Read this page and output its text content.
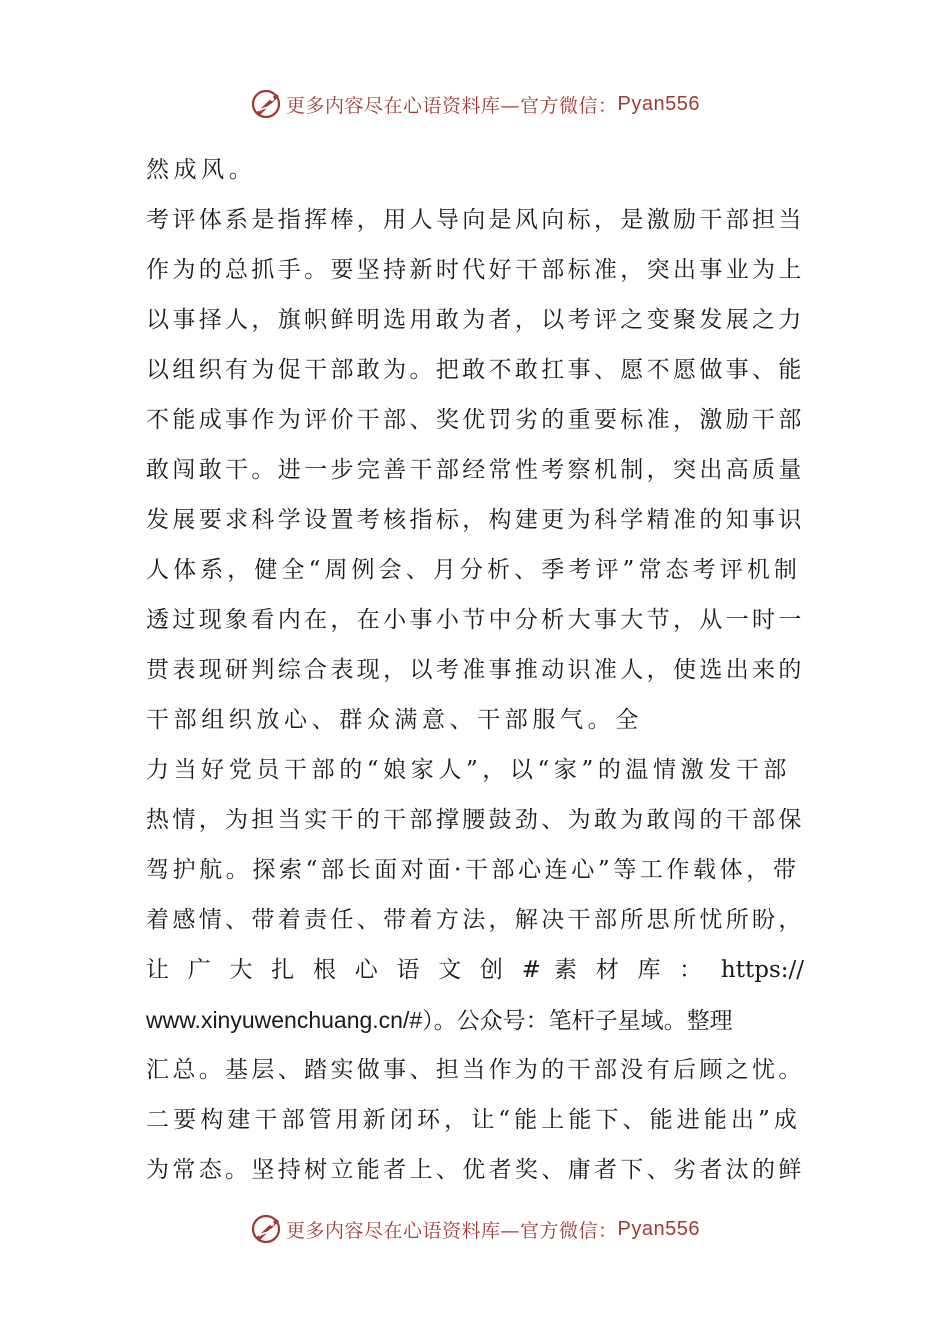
更多内容尽在心语资料库—官方微信： Pyan556
然成风。
考评体系是指挥棒，用人导向是风向标，是激励干部担当
作为的总抓手。要坚持新时代好干部标准，突出事业为上
以事择人，旗帜鲜明选用敢为者，以考评之变聚发展之力
以组织有为促干部敢为。把敢不敢扛事、愿不愿做事、能
不能成事作为评价干部、奖优罚劣的重要标准，激励干部
敢闯敢干。进一步完善干部经常性考察机制，突出高质量
发展要求科学设置考核指标，构建更为科学精准的知事识
人体系，健全“周例会、月分析、季考评”常态考评机制
透过现象看内在，在小事小节中分析大事大节，从一时一
贯表现研判综合表现，以考准事推动识准人，使选出来的
干部组织放心、群众满意、干部服气。全
力当好党员干部的“娘家人”，以“家”的温情激发干部
热情，为担当实干的干部撑腰鼓劲、为敢为敢闯的干部保
驾护航。探索“部长面对面·干部心连心”等工作载体，带
着感情、带着责任、带着方法，解决干部所思所忧所盼，
让 广 大 扎 根 心 语 文 创 # 素 材 库 ： https://
www.xinyuwenchuang.cn/#）。公众号：笔杆子星域。整理
汇总。基层、踏实做事、担当作为的干部没有后顾之忧。
二要构建干部管用新闭环，让“能上能下、能进能出”成
为常态。坚持树立能者上、优者奖、庸者下、劣者汰的鲜
更多内容尽在心语资料库—官方微信： Pyan556
